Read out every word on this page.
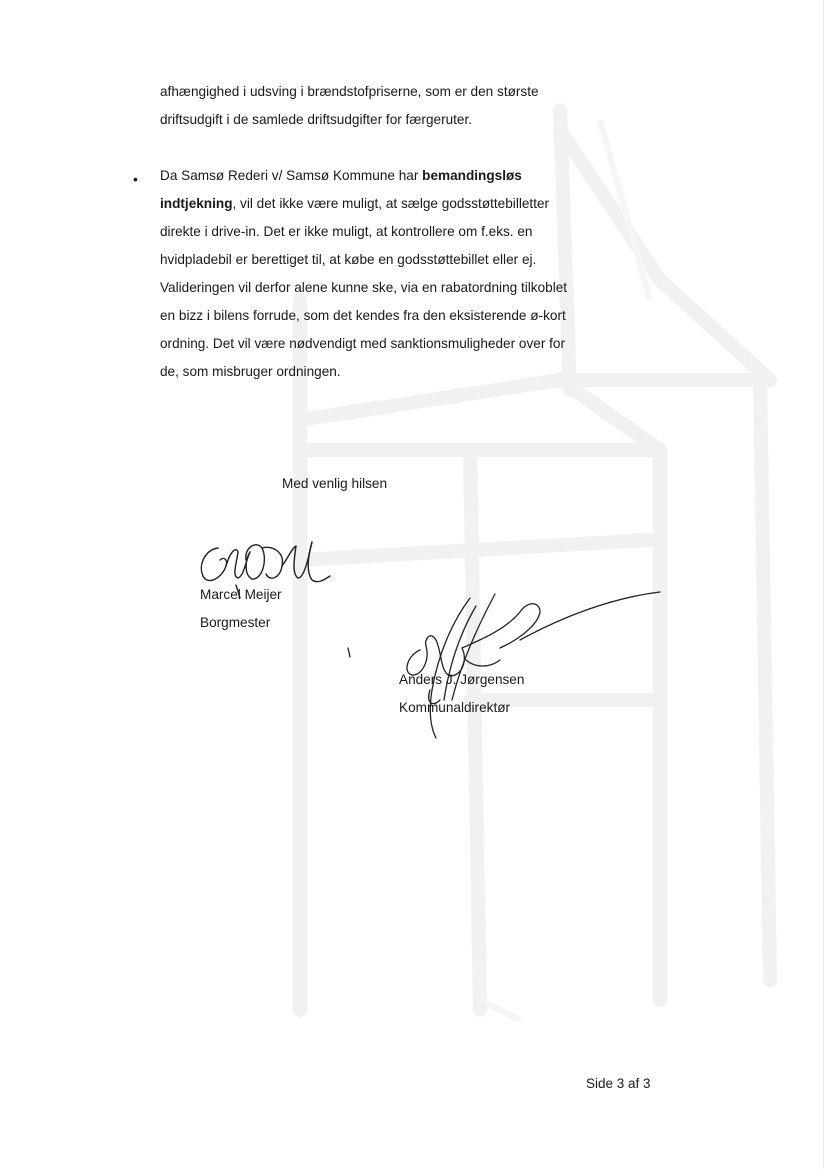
afhængighed i udsving i brændstofpriserne, som er den største driftsudgift i de samlede driftsudgifter for færgeruter.

• Da Samsø Rederi v/ Samsø Kommune har bemandingsløs indtjekning, vil det ikke være muligt, at sælge godsstøttebilletter direkte i drive-in. Det er ikke muligt, at kontrollere om f.eks. en hvidpladebil er berettiget til, at købe en godsstøttebillet eller ej. Valideringen vil derfor alene kunne ske, via en rabatordning tilkoblet en bizz i bilens forrude, som det kendes fra den eksisterende ø-kort ordning. Det vil være nødvendigt med sanktionsmuligheder over for de, som misbruger ordningen.

Med venlig hilsen
Marcel Meijer
Borgmester
Anders J. Jørgensen
Kommunaldirektør
Side 3 af 3
